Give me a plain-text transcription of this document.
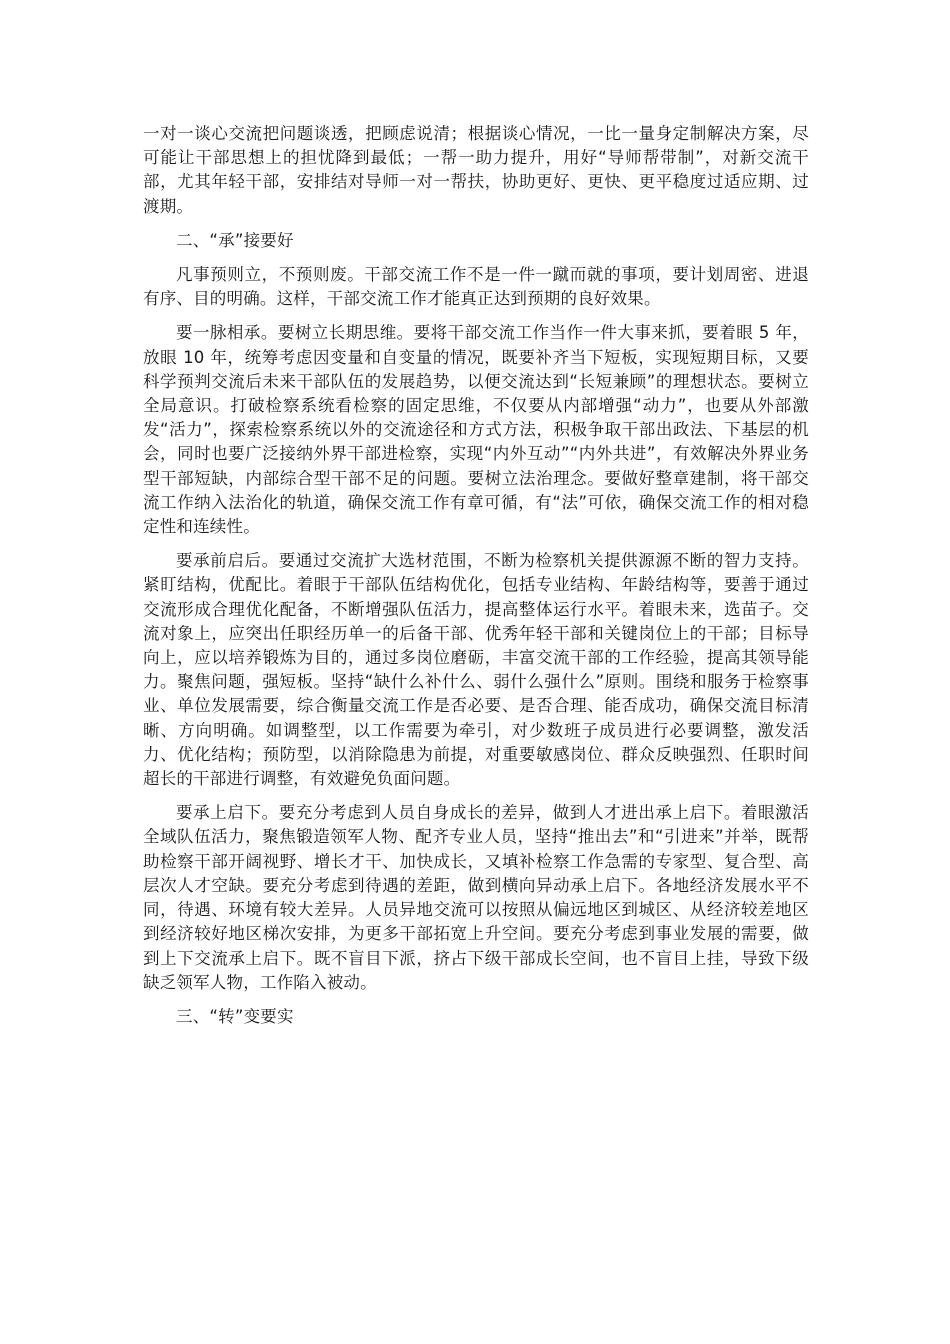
一对一谈心交流把问题谈透，把顾虑说清；根据谈心情况，一比一量身定制解决方案，尽可能让干部思想上的担忧降到最低；一帮一助力提升，用好“导师帮带制”，对新交流干部，尤其年轻干部，安排结对导师一对一帮扶，协助更好、更快、更平稳度过适应期、过渡期。

二、“承”接要好

凡事预则立，不预则废。干部交流工作不是一件一蹴而就的事项，要计划周密、进退有序、目的明确。这样，干部交流工作才能真正达到预期的良好效果。

要一脉相承。要树立长期思维。要将干部交流工作当作一件大事来抓，要着眼 5 年，放眼 10 年，统筹考虑因变量和自变量的情况，既要补齐当下短板，实现短期目标，又要科学预判交流后未来干部队伍的发展趋势，以便交流达到“长短兼顾”的理想状态。要树立全局意识。打破检察系统看检察的固定思维，不仅要从内部增强“动力”，也要从外部激发“活力”，探索检察系统以外的交流途径和方式方法，积极争取干部出政法、下基层的机会，同时也要广泛接纳外界干部进检察，实现“内外互动”“内外共进”，有效解决外界业务型干部短缺，内部综合型干部不足的问题。要树立法治理念。要做好整章建制，将干部交流工作纳入法治化的轨道，确保交流工作有章可循，有“法”可依，确保交流工作的相对稳定性和连续性。

要承前启后。要通过交流扩大选材范围，不断为检察机关提供源源不断的智力支持。紧盯结构，优配比。着眼于干部队伍结构优化，包括专业结构、年龄结构等，要善于通过交流形成合理优化配备，不断增强队伍活力，提高整体运行水平。着眼未来，选苗子。交流对象上，应突出任职经历单一的后备干部、优秀年轻干部和关键岗位上的干部；目标导向上，应以培养锻炼为目的，通过多岗位磨砺，丰富交流干部的工作经验，提高其领导能力。聚焦问题，强短板。坚持“缺什么补什么、弱什么强什么”原则。围绕和服务于检察事业、单位发展需要，综合衡量交流工作是否必要、是否合理、能否成功，确保交流目标清晰、方向明确。如调整型，以工作需要为牵引，对少数班子成员进行必要调整，激发活力、优化结构；预防型，以消除隐患为前提，对重要敏感岗位、群众反映强烈、任职时间超长的干部进行调整，有效避免负面问题。

要承上启下。要充分考虑到人员自身成长的差异，做到人才进出承上启下。着眼激活全域队伍活力，聚焦锻造领军人物、配齐专业人员，坚持“推出去”和“引进来”并举，既帮助检察干部开阔视野、增长才干、加快成长，又填补检察工作急需的专家型、复合型、高层次人才空缺。要充分考虑到待遇的差距，做到横向异动承上启下。各地经济发展水平不同，待遇、环境有较大差异。人员异地交流可以按照从偏远地区到城区、从经济较差地区到经济较好地区梯次安排，为更多干部拓宽上升空间。要充分考虑到事业发展的需要，做到上下交流承上启下。既不盲目下派，挤占下级干部成长空间，也不盲目上挂，导致下级缺乏领军人物，工作陷入被动。

三、“转”变要实
